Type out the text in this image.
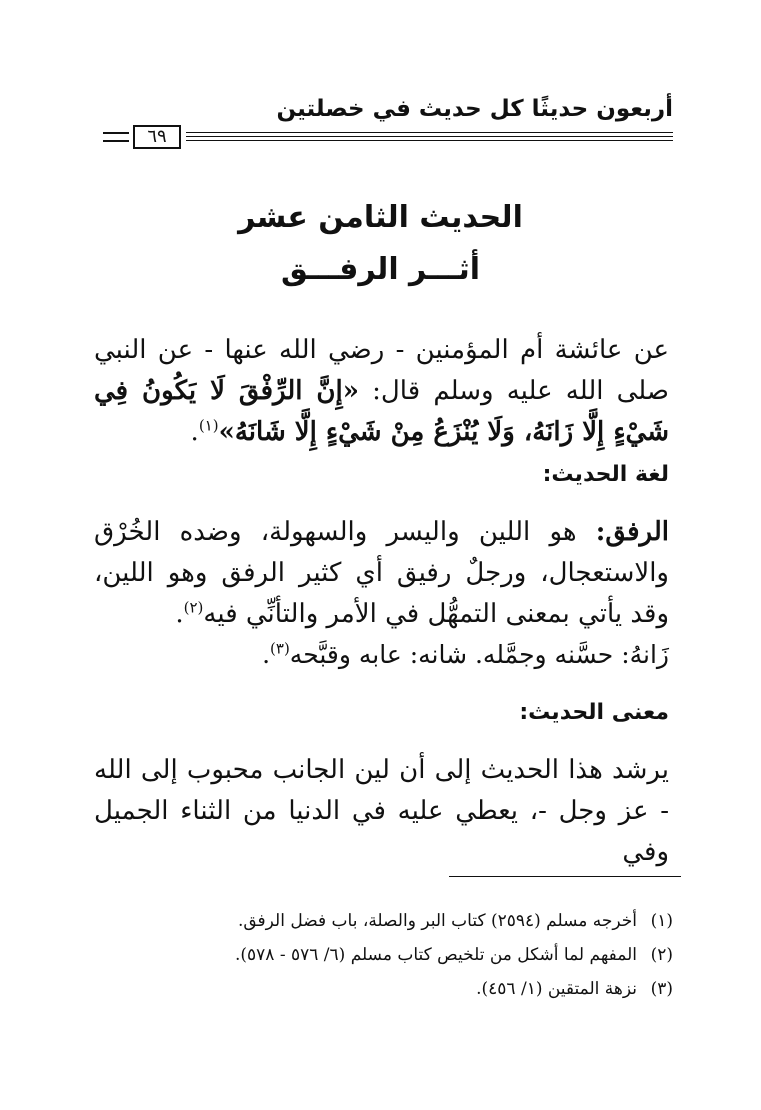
أربعون حديثًا كل حديث في خصلتين
٦٩
الحديث الثامن عشر
أثـــر الرفـــق
عن عائشة أم المؤمنين - رضي الله عنها - عن النبي صلى الله عليه وسلم قال: «إِنَّ الرِّفْقَ لَا يَكُونُ فِي شَيْءٍ إِلَّا زَانَهُ، وَلَا يُنْزَعُ مِنْ شَيْءٍ إِلَّا شَانَهُ»$^{(١)}$.
لغة الحديث:
الرفق: هو اللين واليسر والسهولة، وضده الخُرْق والاستعجال، ورجلٌ رفيق أي كثير الرفق وهو اللين، وقد يأتي بمعنى التمهُّل في الأمر والتأنِّي فيه$^{(٢)}$.
زَانهُ: حسَّنه وجمَّله. شانه: عابه وقبَّحه$^{(٣)}$.
معنى الحديث:
يرشد هذا الحديث إلى أن لين الجانب محبوب إلى الله - عز وجل -، يعطي عليه في الدنيا من الثناء الجميل وفي
(١)أخرجه مسلم (٢٥٩٤) كتاب البر والصلة، باب فضل الرفق.
(٢)المفهم لما أشكل من تلخيص كتاب مسلم (٦/ ٥٧٦ - ٥٧٨).
(٣)نزهة المتقين (١/ ٤٥٦).
